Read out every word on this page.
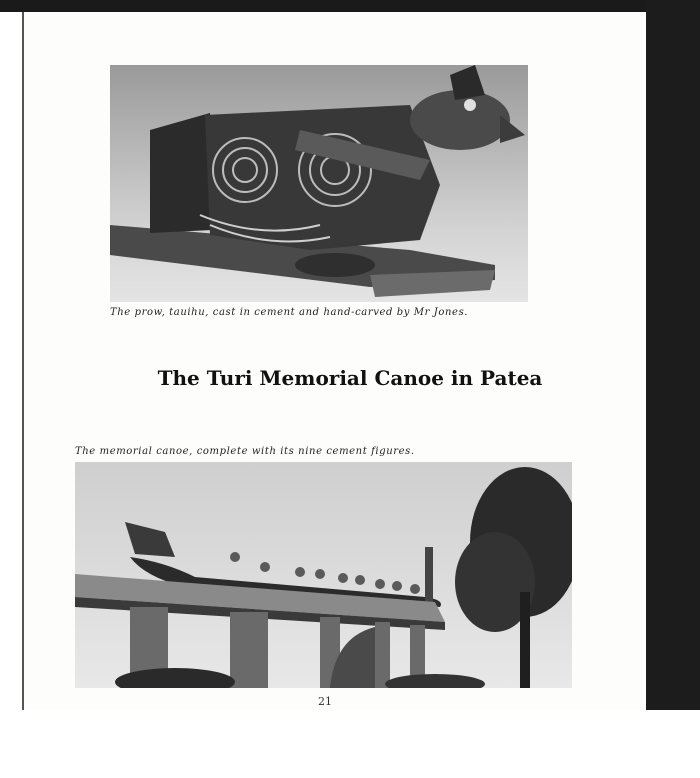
The prow, tauihu, cast in cement and hand-carved by Mr Jones.
The Turi Memorial Canoe in Patea
The memorial canoe, complete with its nine cement figures.
21
